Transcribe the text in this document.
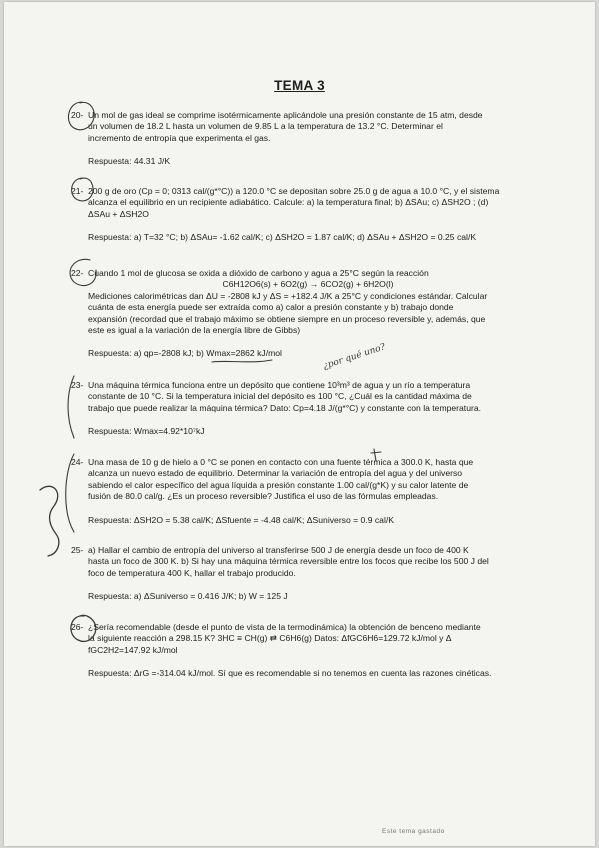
TEMA 3
20- Un mol de gas ideal se comprime isotérmicamente aplicándole una presión constante de 15 atm, desde
un volumen de 18.2 L hasta un volumen de 9.85 L a la temperatura de 13.2 °C. Determinar el
incremento de entropía que experimenta el gas.
Respuesta: 44.31 J/K
21- 200 g de oro (Cp = 0; 0313 cal/(g*°C)) a 120.0 °C se depositan sobre 25.0 g de agua a 10.0 °C, y el sistema
alcanza el equilibrio en un recipiente adiabático. Calcule: a) la temperatura final; b) ΔSAu; c) ΔSH2O ; (d)
ΔSAu + ΔSH2O
Respuesta: a) T=32 °C; b) ΔSAu= -1.62 cal/K; c) ΔSH2O = 1.87 cal/K; d) ΔSAu + ΔSH2O = 0.25 cal/K
22- Cuando 1 mol de glucosa se oxida a dióxido de carbono y agua a 25°C según la reacción
C6H12O6(s) + 6O2(g) → 6CO2(g) + 6H2O(l)
Mediciones calorimétricas dan ΔU = -2808 kJ y ΔS = +182.4 J/K a 25°C y condiciones estándar. Calcular
cuánta de esta energía puede ser extraída como a) calor a presión constante y b) trabajo donde
expansión (recordad que el trabajo máximo se obtiene siempre en un proceso reversible y, además, que
este es igual a la variación de la energía libre de Gibbs)
Respuesta: a) qp=-2808 kJ; b) Wmax=2862 kJ/mol
23- Una máquina térmica funciona entre un depósito que contiene 10³m³ de agua y un río a temperatura
constante de 10 °C. Si la temperatura inicial del depósito es 100 °C, ¿Cuál es la cantidad máxima de
trabajo que puede realizar la máquina térmica? Dato: Cp=4.18 J/(g*°C) y constante con la temperatura.
Respuesta: Wmax=4.92*10⁷kJ
24- Una masa de 10 g de hielo a 0 °C se ponen en contacto con una fuente térmica a 300.0 K, hasta que
alcanza un nuevo estado de equilibrio. Determinar la variación de entropía del agua y del universo
sabiendo el calor específico del agua líquida a presión constante 1.00 cal/(g*K) y su calor latente de
fusión de 80.0 cal/g. ¿Es un proceso reversible? Justifica el uso de las fórmulas empleadas.
Respuesta: ΔSH2O = 5.38 cal/K; ΔSfuente = -4.48 cal/K; ΔSuniverso = 0.9 cal/K
25- a) Hallar el cambio de entropía del universo al transferirse 500 J de energía desde un foco de 400 K
hasta un foco de 300 K. b) Si hay una máquina térmica reversible entre los focos que recibe los 500 J del
foco de temperatura 400 K, hallar el trabajo producido.
Respuesta: a) ΔSuniverso = 0.416 J/K; b) W = 125 J
26- ¿Sería recomendable (desde el punto de vista de la termodinámica) la obtención de benceno mediante
la siguiente reacción a 298.15 K? 3HC ≡ CH(g) ⇄ C6H6(g) Datos: ΔfGC6H6=129.72 kJ/mol y Δ
fGC2H2=147.92 kJ/mol
Respuesta: ΔrG =-314.04 kJ/mol. Sí que es recomendable si no tenemos en cuenta las razones cinéticas.
¿por qué uno?
Este tema gastado
